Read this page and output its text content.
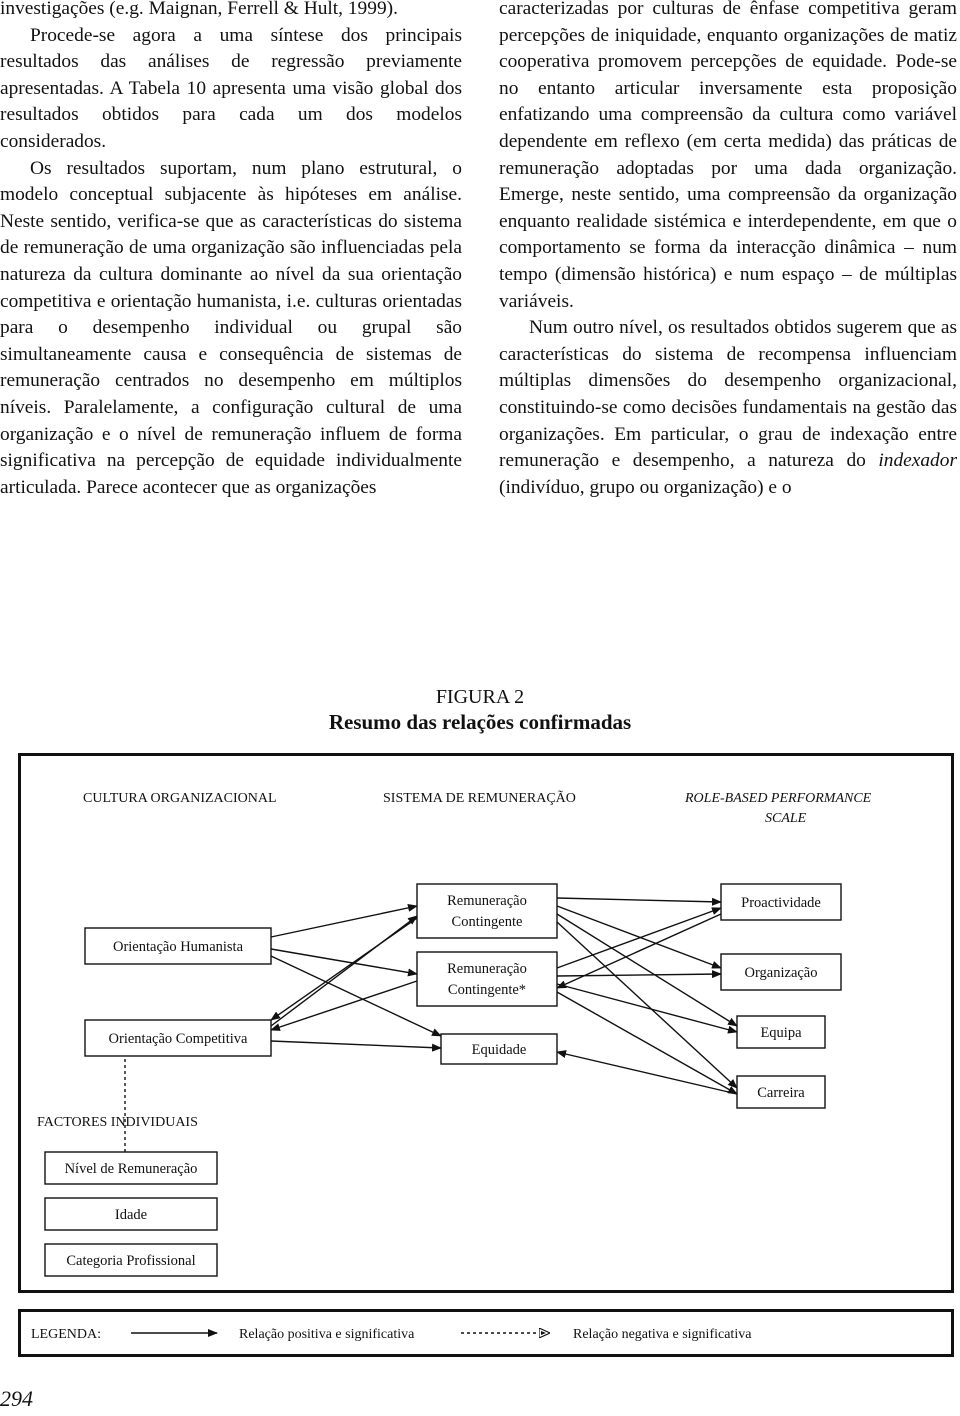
investigações (e.g. Maignan, Ferrell & Hult, 1999).

Procede-se agora a uma síntese dos principais resultados das análises de regressão previamente apresentadas. A Tabela 10 apresenta uma visão global dos resultados obtidos para cada um dos modelos considerados.

Os resultados suportam, num plano estrutural, o modelo conceptual subjacente às hipóteses em análise. Neste sentido, verifica-se que as características do sistema de remuneração de uma organização são influenciadas pela natureza da cultura dominante ao nível da sua orientação competitiva e orientação humanista, i.e. culturas orientadas para o desempenho individual ou grupal são simultaneamente causa e consequência de sistemas de remuneração centrados no desempenho em múltiplos níveis. Paralelamente, a configuração cultural de uma organização e o nível de remuneração influem de forma significativa na percepção de equidade individualmente articulada. Parece acontecer que as organizações

caracterizadas por culturas de ênfase competitiva geram percepções de iniquidade, enquanto organizações de matiz cooperativa promovem percepções de equidade. Pode-se no entanto articular inversamente esta proposição enfatizando uma compreensão da cultura como variável dependente em reflexo (em certa medida) das práticas de remuneração adoptadas por uma dada organização. Emerge, neste sentido, uma compreensão da organização enquanto realidade sistémica e interdependente, em que o comportamento se forma da interacção dinâmica – num tempo (dimensão histórica) e num espaço – de múltiplas variáveis.

Num outro nível, os resultados obtidos sugerem que as características do sistema de recompensa influenciam múltiplas dimensões do desempenho organizacional, constituindo-se como decisões fundamentais na gestão das organizações. Em particular, o grau de indexação entre remuneração e desempenho, a natureza do indexador (indivíduo, grupo ou organização) e o

FIGURA 2
Resumo das relações confirmadas
CULTURA ORGANIZACIONAL	SISTEMA DE REMUNERAÇÃO	ROLE-BASED PERFORMANCE
SCALE
FACTORES INDIVIDUAIS
Orientação Humanista
Orientação Competitiva
Remuneração
Contingente
Remuneração
Contingente*
Equidade
Proactividade
Organização
Equipa
Carreira
Nível de Remuneração
Idade
Categoria Profissional
LEGENDA:	Relação positiva e significativa	Relação negativa e significativa
294
